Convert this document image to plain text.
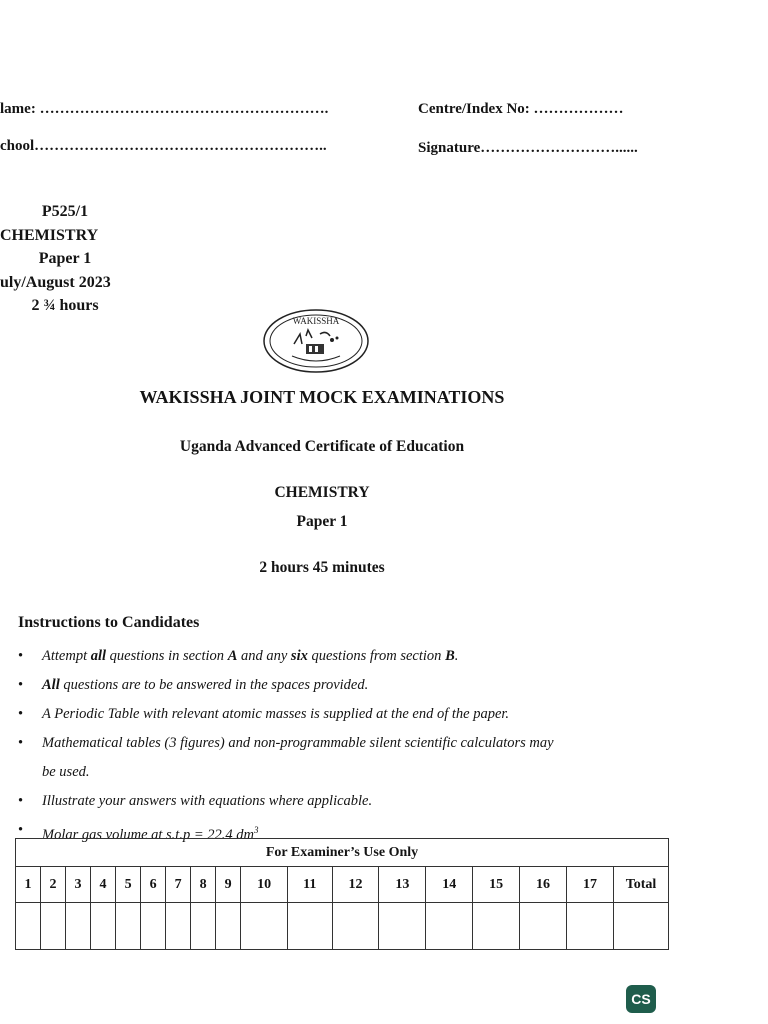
lame: ………………………………………………….	Centre/Index No: ………………
chool…………………………………………………..	Signature………………………......
P525/1
CHEMISTRY
Paper 1
uly/August 2023
2 ¾ hours
WAKISSHA
WAKISSHA JOINT MOCK EXAMINATIONS
Uganda Advanced Certificate of Education
CHEMISTRY
Paper 1
2 hours 45 minutes
Instructions to Candidates
• Attempt all questions in section A and any six questions from section B.
• All questions are to be answered in the spaces provided.
• A Periodic Table with relevant atomic masses is supplied at the end of the paper.
• Mathematical tables (3 figures) and non-programmable silent scientific calculators may
be used.
• Illustrate your answers with equations where applicable.
• Molar gas volume at s.t.p = 22.4 $dm^3$
For Examiner’s Use Only																	
1	2	3	4	5	6	7	8	9	10	11	12	13	14	15	16	17	Total

CS
